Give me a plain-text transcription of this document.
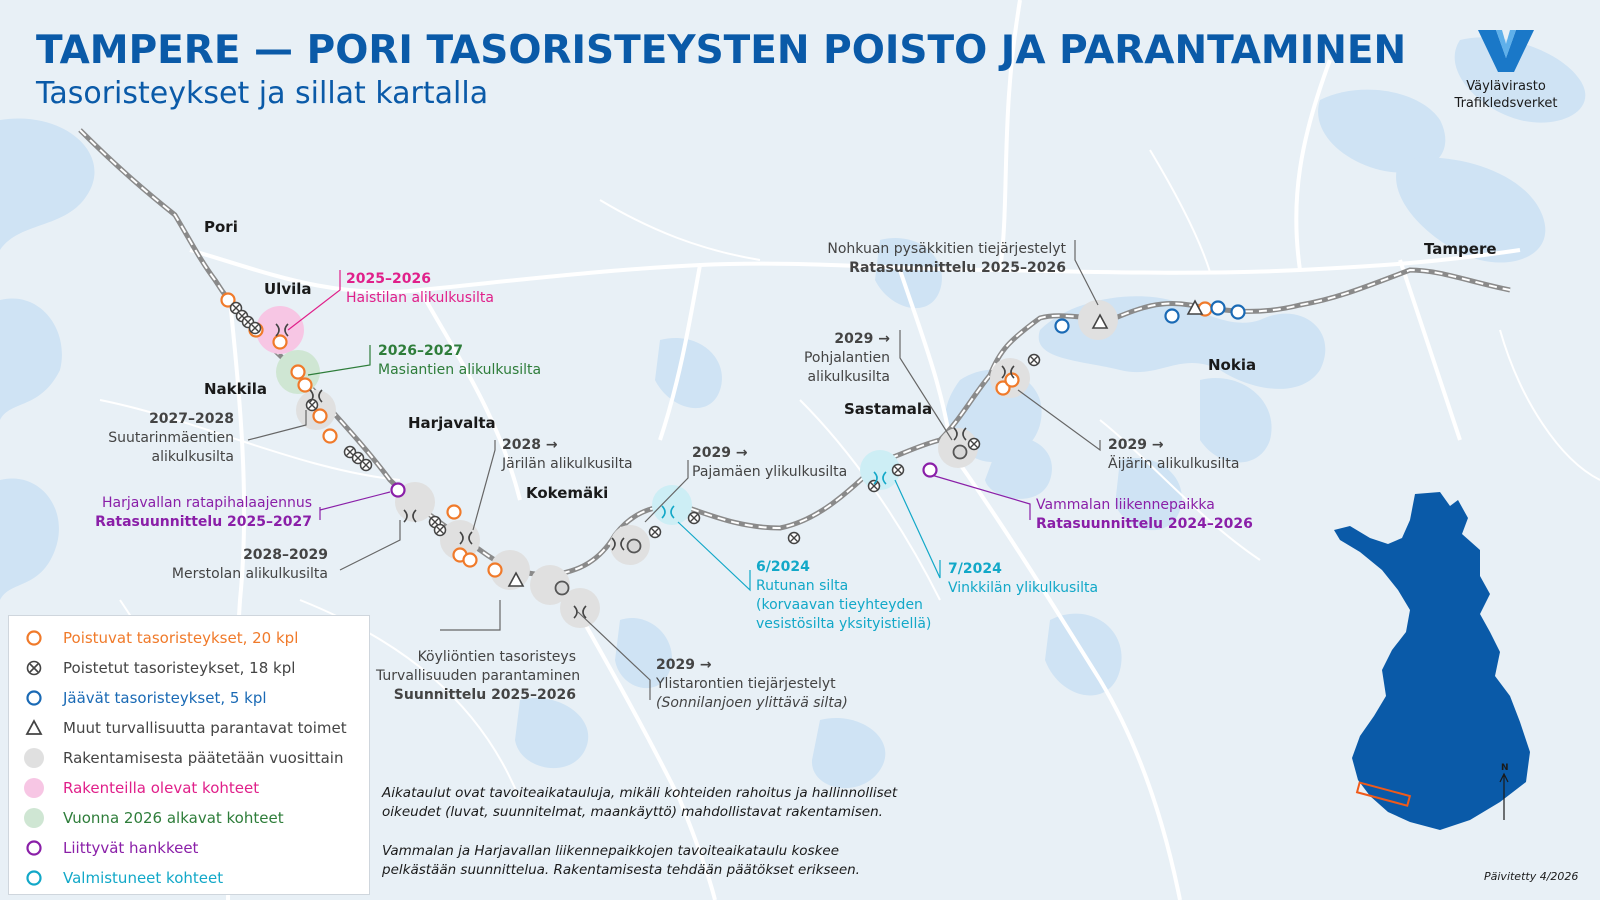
TAMPERE — PORI TASORISTEYSTEN POISTO JA PARANTAMINEN
Tasoristeykset ja sillat kartalla	Väylävirasto
Trafikledsverket
Pori
Ulvila
Nakkila
Harjavalta
Kokemäki
Sastamala
Nokia
Tampere
2025–2026
Haistilan alikulkusilta
2026–2027
Masiantien alikulkusilta
2027–2028
Suutarinmäentien
alikulkusilta
Harjavallan ratapihalaajennus
Ratasuunnittelu 2025–2027
2028–2029
Merstolan alikulkusilta
2028 →
Järilän alikulkusilta
2029 →
Pajamäen ylikulkusilta
Köyliöntien tasoristeys
Turvallisuuden parantaminen
Suunnittelu 2025–2026
2029 →
Ylistarontien tiejärjestelyt
(Sonnilanjoen ylittävä silta)
6/2024
Rutunan silta
(korvaavan tieyhteyden
vesistösilta yksityistiellä)
7/2024
Vinkkilän ylikulkusilta
Vammalan liikennepaikka
Ratasuunnittelu 2024–2026
2029 →
Pohjalantien
alikulkusilta
2029 →
Äijärin alikulkusilta
Nohkuan pysäkkitien tiejärjestelyt
Ratasuunnittelu 2025–2026
Poistuvat tasoristeykset, 20 kpl
Poistetut tasoristeykset, 18 kpl
Jäävät tasoristeykset, 5 kpl
Muut turvallisuutta parantavat toimet
Rakentamisesta päätetään vuosittain
Rakenteilla olevat kohteet
Vuonna 2026 alkavat kohteet
Liittyvät hankkeet
Valmistuneet kohteet
Aikataulut ovat tavoiteaikatauluja, mikäli kohteiden rahoitus ja hallinnolliset
oikeudet (luvat, suunnitelmat, maankäyttö) mahdollistavat rakentamisen.
Vammalan ja Harjavallan liikennepaikkojen tavoiteaikataulu koskee
pelkästään suunnittelua. Rakentamisesta tehdään päätökset erikseen.
N
Päivitetty 4/2026
